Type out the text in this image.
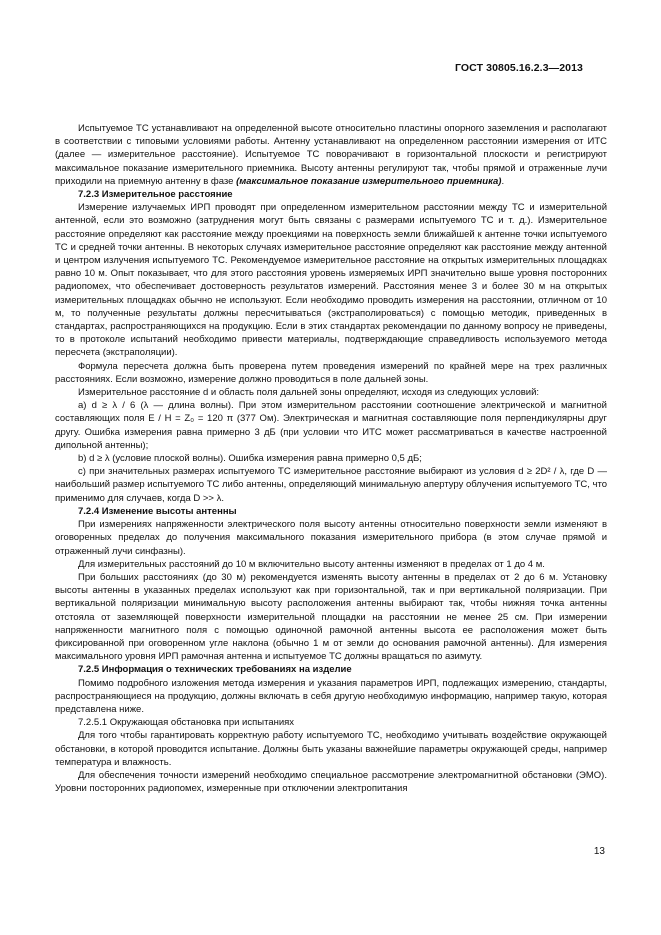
ГОСТ 30805.16.2.3—2013

Испытуемое ТС устанавливают на определенной высоте относительно пластины опорного заземления и располагают в соответствии с типовыми условиями работы. Антенну устанавливают на определенном расстоянии измерения от ИТС (далее — измерительное расстояние). Испытуемое ТС поворачивают в горизонтальной плоскости и регистрируют максимальное показание измерительного приемника. Высоту антенны регулируют так, чтобы прямой и отраженные лучи приходили на приемную антенну в фазе (максимальное показание измерительного приемника).

7.2.3 Измерительное расстояние

Измерение излучаемых ИРП проводят при определенном измерительном расстоянии между ТС и измерительной антенной, если это возможно (затруднения могут быть связаны с размерами испытуемого ТС и т. д.). Измерительное расстояние определяют как расстояние между проекциями на поверхность земли ближайшей к антенне точки испытуемого ТС и средней точки антенны. В некоторых случаях измерительное расстояние определяют как расстояние между антенной и центром излучения испытуемого ТС. Рекомендуемое измерительное расстояние на открытых измерительных площадках равно 10 м. Опыт показывает, что для этого расстояния уровень измеряемых ИРП значительно выше уровня посторонних радиопомех, что обеспечивает достоверность результатов измерений. Расстояния менее 3 и более 30 м на открытых измерительных площадках обычно не используют. Если необходимо проводить измерения на расстоянии, отличном от 10 м, то полученные результаты должны пересчитываться (экстраполироваться) с помощью методик, приведенных в стандартах, распространяющихся на продукцию. Если в этих стандартах рекомендации по данному вопросу не приведены, то в протоколе испытаний необходимо привести материалы, подтверждающие справедливость используемого метода пересчета (экстраполяции).

Формула пересчета должна быть проверена путем проведения измерений по крайней мере на трех различных расстояниях. Если возможно, измерение должно проводиться в поле дальней зоны.

Измерительное расстояние d и область поля дальней зоны определяют, исходя из следующих условий:

a) d ≥ λ / 6 (λ — длина волны). При этом измерительном расстоянии соотношение электрической и магнитной составляющих поля E / H = Z₀ = 120 π (377 Ом). Электрическая и магнитная составляющие поля перпендикулярны друг другу. Ошибка измерения равна примерно 3 дБ (при условии что ИТС может рассматриваться в качестве настроенной дипольной антенны);

b) d ≥ λ (условие плоской волны). Ошибка измерения равна примерно 0,5 дБ;

c) при значительных размерах испытуемого ТС измерительное расстояние выбирают из условия d ≥ 2D² / λ, где D — наибольший размер испытуемого ТС либо антенны, определяющий минимальную апертуру облучения испытуемого ТС, что применимо для случаев, когда D >> λ.

7.2.4 Изменение высоты антенны

При измерениях напряженности электрического поля высоту антенны относительно поверхности земли изменяют в оговоренных пределах до получения максимального показания измерительного прибора (в этом случае прямой и отраженный лучи синфазны).

Для измерительных расстояний до 10 м включительно высоту антенны изменяют в пределах от 1 до 4 м.

При больших расстояниях (до 30 м) рекомендуется изменять высоту антенны в пределах от 2 до 6 м. Установку высоты антенны в указанных пределах используют как при горизонтальной, так и при вертикальной поляризации. При вертикальной поляризации минимальную высоту расположения антенны выбирают так, чтобы нижняя точка антенны отстояла от заземляющей поверхности измерительной площадки на расстоянии не менее 25 см. При измерении напряженности магнитного поля с помощью одиночной рамочной антенны высота ее расположения может быть фиксированной при оговоренном угле наклона (обычно 1 м от земли до основания рамочной антенны). Для измерения максимального уровня ИРП рамочная антенна и испытуемое ТС должны вращаться по азимуту.

7.2.5 Информация о технических требованиях на изделие

Помимо подробного изложения метода измерения и указания параметров ИРП, подлежащих измерению, стандарты, распространяющиеся на продукцию, должны включать в себя другую необходимую информацию, например такую, которая представлена ниже.

7.2.5.1 Окружающая обстановка при испытаниях

Для того чтобы гарантировать корректную работу испытуемого ТС, необходимо учитывать воздействие окружающей обстановки, в которой проводится испытание. Должны быть указаны важнейшие параметры окружающей среды, например температура и влажность.

Для обеспечения точности измерений необходимо специальное рассмотрение электромагнитной обстановки (ЭМО). Уровни посторонних радиопомех, измеренные при отключении электропитания

13
